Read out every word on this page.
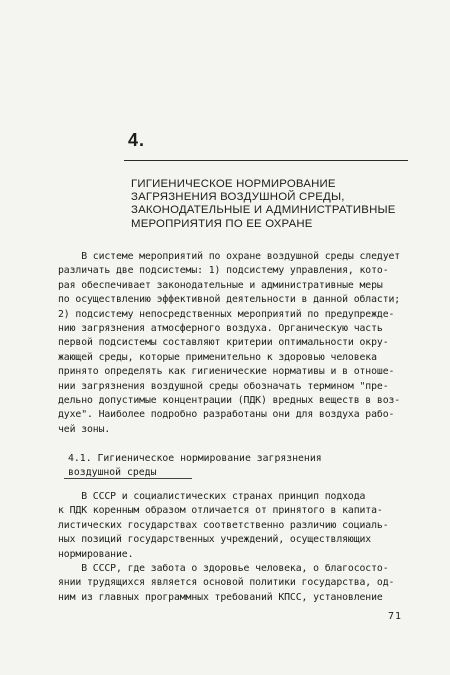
4.
ГИГИЕНИЧЕСКОЕ НОРМИРОВАНИЕ
ЗАГРЯЗНЕНИЯ ВОЗДУШНОЙ СРЕДЫ,
ЗАКОНОДАТЕЛЬНЫЕ И АДМИНИСТРАТИВНЫЕ
МЕРОПРИЯТИЯ ПО ЕЕ ОХРАНЕ
В системе мероприятий по охране воздушной среды следует
различать две подсистемы: 1) подсистему управления, кото-
рая обеспечивает законодательные и административные меры
по осуществлению эффективной деятельности в данной области;
2) подсистему непосредственных мероприятий по предупрежде-
нию загрязнения атмосферного воздуха. Органическую часть
первой подсистемы составляют критерии оптимальности окру-
жающей среды, которые применительно к здоровью человека
принято определять как гигиенические нормативы и в отноше-
нии загрязнения воздушной среды обозначать термином "пре-
дельно допустимые концентрации (ПДК) вредных веществ в воз-
духе". Наиболее подробно разработаны они для воздуха рабо-
чей зоны.
4.1. Гигиеническое нормирование загрязнения
воздушной среды
В СССР и социалистических странах принцип подхода
к ПДК коренным образом отличается от принятого в капита-
листических государствах соответственно различию социаль-
ных позиций государственных учреждений, осуществляющих
нормирование.
В СССР, где забота о здоровье человека, о благососто-
янии трудящихся является основой политики государства, од-
ним из главных программных требований КПСС, установление
71
